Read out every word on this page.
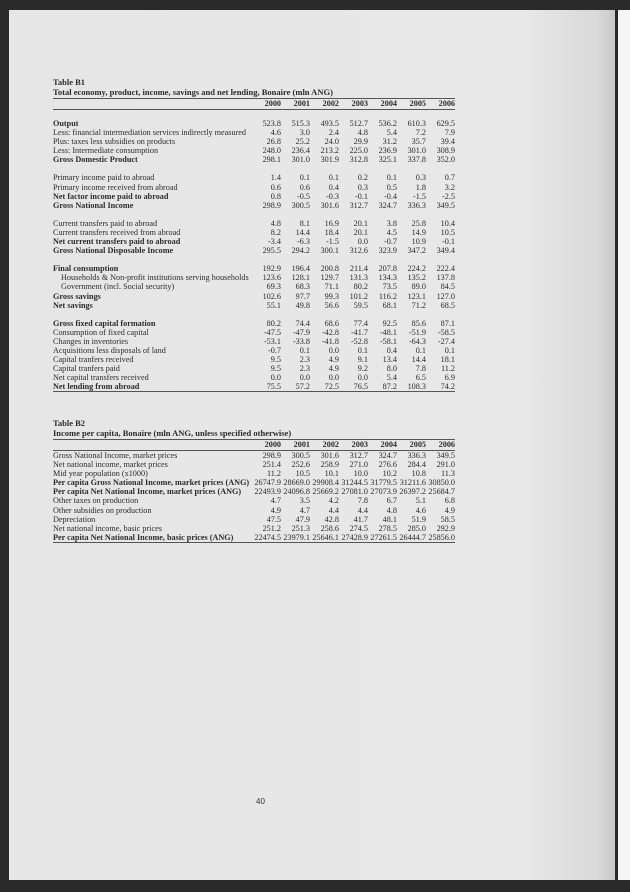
Table B1
Total economy, product, income, savings and net lending, Bonaire (mln ANG)
	2000	2001	2002	2003	2004	2005	2006

Output	523.8	515.3	493.5	512.7	536.2	610.3	629.5
Less: financial intermediation services indirectly measured	4.6	3.0	2.4	4.8	5.4	7.2	7.9
Plus: taxes less subsidies on products	26.8	25.2	24.0	29.9	31.2	35.7	39.4
Less: Intermediate consumption	248.0	236.4	213.2	225.0	236.9	301.0	308.9
Gross Domestic Product	298.1	301.0	301.9	312.8	325.1	337.8	352.0

Primary income paid to abroad	1.4	0.1	0.1	0.2	0.1	0.3	0.7
Primary income received from abroad	0.6	0.6	0.4	0.3	0.5	1.8	3.2
Net factor income paid to abroad	0.8	-0.5	-0.3	-0.1	-0.4	-1.5	-2.5
Gross National Income	298.9	300.5	301.6	312.7	324.7	336.3	349.5

Current transfers paid to abroad	4.8	8.1	16.9	20.1	3.8	25.8	10.4
Current transfers received from abroad	8.2	14.4	18.4	20.1	4.5	14.9	10.5
Net current transfers paid to abroad	-3.4	-6.3	-1.5	0.0	-0.7	10.9	-0.1
Gross National Disposable Income	295.5	294.2	300.1	312.6	323.9	347.2	349.4

Final consumption	192.9	196.4	200.8	211.4	207.8	224.2	222.4
Households & Non-profit institutions serving households	123.6	128.1	129.7	131.3	134.3	135.2	137.8
Government (incl. Social security)	69.3	68.3	71.1	80.2	73.5	89.0	84.5
Gross savings	102.6	97.7	99.3	101.2	116.2	123.1	127.0
Net savings	55.1	49.8	56.6	59.5	68.1	71.2	68.5

Gross fixed capital formation	80.2	74.4	68.6	77.4	92.5	85.6	87.1
Consumption of fixed capital	-47.5	-47.9	-42.8	-41.7	-48.1	-51.9	-58.5
Changes in inventories	-53.1	-33.8	-41.8	-52.8	-58.1	-64.3	-27.4
Acquisitions less disposals of land	-0.7	0.1	0.0	0.1	0.4	0.1	0.1
Capital tranfers received	9.5	2.3	4.9	9.1	13.4	14.4	18.1
Capital tranfers paid	9.5	2.3	4.9	9.2	8.0	7.8	11.2
Net capital transfers received	0.0	0.0	0.0	0.0	5.4	6.5	6.9
Net lending from abroad	75.5	57.2	72.5	76.5	87.2	108.3	74.2
Table B2
Income per capita, Bonaire (mln ANG, unless specified otherwise)
	2000	2001	2002	2003	2004	2005	2006
Gross National Income, market prices	298.9	300.5	301.6	312.7	324.7	336.3	349.5
Net national income, market prices	251.4	252.6	258.9	271.0	276.6	284.4	291.0
Mid year population (x1000)	11.2	10.5	10.1	10.0	10.2	10.8	11.3
Per capita Gross National Income, market prices (ANG)	26747.9	28669.0	29908.4	31244.5	31779.5	31211.6	30850.0
Per capita Net National Income, market prices (ANG)	22493.9	24096.8	25669.2	27081.0	27073.9	26397.2	25684.7
Other taxes on production	4.7	3.5	4.2	7.8	6.7	5.1	6.8
Other subsidies on production	4.9	4.7	4.4	4.4	4.8	4.6	4.9
Depreciation	47.5	47.9	42.8	41.7	48.1	51.9	58.5
Net national income, basic prices	251.2	251.3	258.6	274.5	278.5	285.0	292.9
Per capita Net National Income, basic prices (ANG)	22474.5	23979.1	25646.1	27428.9	27261.5	26444.7	25856.0
40
